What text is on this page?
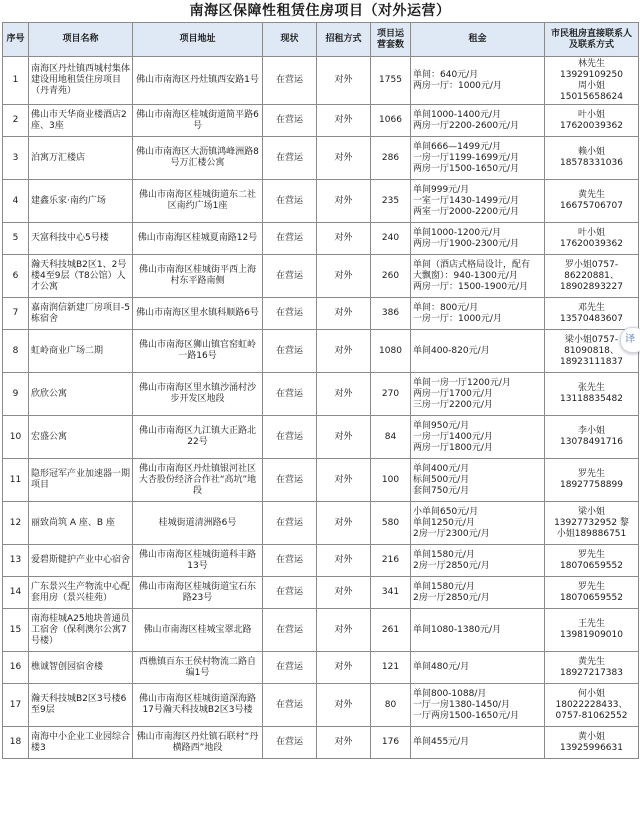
南海区保障性租赁住房项目（对外运营）
序号	项目名称	项目地址	现状	招租方式	项目运营套数	租金	市民租房直接联系人及联系方式
1	南海区丹灶镇西城村集体建设用地租赁住房项目（丹青苑）	佛山市南海区丹灶镇西安路1号	在营运	对外	1755	单间：640元/月
两房一厅：1000元/月	林先生
13929109250
周小姐
15015658624

2	佛山市天华商业楼酒店2座、3座	佛山市南海区桂城街道简平路6号	在营运	对外	1066	单间1000-1400元/月
两房一厅2200-2600元/月	叶小姐
17620039362

3	泊寓万汇楼店	佛山市南海区大沥镇鸿峰洲路8号万汇楼公寓	在营运	对外	286	单间666—1499元/月
一房一厅1199-1699元/月
两房一厅1500-1650元/月	赖小姐
18578331036

4	建鑫乐家·南约广场	佛山市南海区桂城街道东二社区南约广场1座	在营运	对外	235	单间999元/月
一室一厅1430-1499元/月
两室一厅2000-2200元/月	黄先生
16675706707

5	天富科技中心5号楼	佛山市南海区桂城夏南路12号	在营运	对外	240	单间1000-1200元/月
两房一厅1900-2300元/月	叶小姐
17620039362

6	瀚天科技城B2区1、2号楼4至9层（T8公馆）人才公寓	佛山市南海区桂城街平西上海村东平路南侧	在营运	对外	260	单间（酒店式格局设计，配有
大飘窗）：940-1300元/月
两房一厅：1500-1900元/月	罗小姐0757-
86220881、
18902893227

7	嘉南润信新建厂房项目-5栋宿舍	佛山市南海区里水镇科顺路6号	在营运	对外	386	单间：800元/月
一房一厅：1000元/月	邓先生
13570483607

8	虹岭商业广场二期	佛山市南海区狮山镇官窑虹岭一路16号	在营运	对外	1080	单间400-820元/月	梁小姐0757-
81090818、
18923111837

9	欣欣公寓	佛山市南海区里水镇沙涌村沙步开发区地段	在营运	对外	270	单间一房一厅1200元/月
两房一厅1700元/月
三房一厅2200元/月	张先生
13118835482

10	宏盛公寓	佛山市南海区九江镇大正路北22号	在营运	对外	84	单间950元/月
一房一厅1400元/月
两房一厅1800元/月	李小姐
13078491716

11	隐形冠军产业加速器一期项目	佛山市南海区丹灶镇银河社区大杏股份经济合作社“高坑”地段	在营运	对外	100	单间400元/月
标间500元/月
套间750元/月	罗先生
18927758899

12	丽致尚筑 A 座、B 座	桂城街道清洲路6号	在营运	对外	580	小单间650元/月
单间1250元/月
2房一厅2300元/月	梁小姐
13927732952 黎
小姐189886751

13	爱碧斯健护产业中心宿舍	佛山市南海区桂城街道科丰路13号	在营运	对外	216	单间1580元/月
2房一厅2850元/月	罗先生
18070659552

14	广东景兴生产物流中心配套用房（景兴桂苑）	佛山市南海区桂城街道宝石东路23号	在营运	对外	341	单间1580元/月
2房一厅2850元/月	罗先生
18070659552

15	南海桂城A25地块普通员工宿舍（保利澳尔公寓7号楼）	佛山市南海区桂城宝翠北路	在营运	对外	261	单间1080-1380元/月	王先生
13981909010

16	樵诚智创园宿舍楼	西樵镇百东王侯村物流二路自编1号	在营运	对外	121	单间480元/月	黄先生
18927217383

17	瀚天科技城B2区3号楼6至9层	佛山市南海区桂城街道深海路17号瀚天科技城B2区3号楼	在营运	对外	80	单间800-1088/月
一厅一房1380-1450/月
一厅两房1500-1650元/月	何小姐
18022228433、
0757-81062552

18	南海中小企业工业园综合楼3	佛山市南海区丹灶镇石联村“丹横路西”地段	在营运	对外	176	单间455元/月	黄小姐
13925996631
译
